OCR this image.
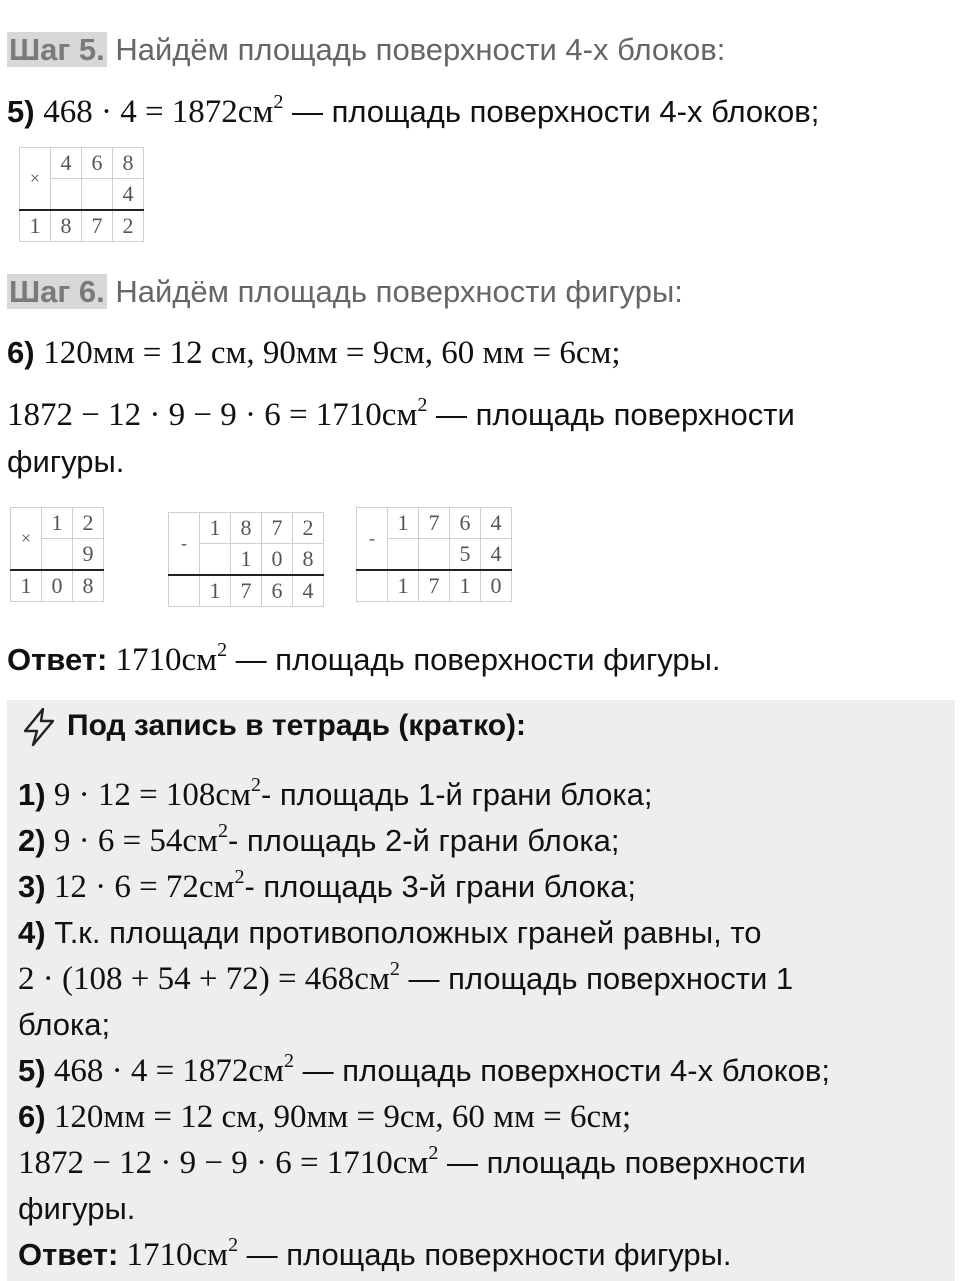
Шаг 5. Найдём площадь поверхности 4-х блоков:
5) $468 \cdot 4 = 1872см^2$ — площадь поверхности 4-х блоков;
×	4	6	8
			4
1	8	7	2
Шаг 6. Найдём площадь поверхности фигуры:
6) 120мм = 12 см, 90мм = 9см, 60 мм = 6см;
$1872 - 12 \cdot 9 - 9 \cdot 6 = 1710см^2$ — площадь поверхности
фигуры.
×	1	2
		9
1	0	8
-	1	8	7	2
		1	0	8
	1	7	6	4
-	1	7	6	4
			5	4
	1	7	1	0
Ответ: $1710см^2$ — площадь поверхности фигуры.
Под запись в тетрадь (кратко):
1) $9 \cdot 12 = 108см^2-$ площадь 1-й грани блока;
2) $9 \cdot 6 = 54см^2-$ площадь 2-й грани блока;
3) $12 \cdot 6 = 72см^2-$ площадь 3-й грани блока;
4) Т.к. площади противоположных граней равны, то
$2 \cdot (108 + 54 + 72) = 468см^2$ — площадь поверхности 1
блока;
5) $468 \cdot 4 = 1872см^2$ — площадь поверхности 4-х блоков;
6) 120мм = 12 см, 90мм = 9см, 60 мм = 6см;
$1872 - 12 \cdot 9 - 9 \cdot 6 = 1710см^2$ — площадь поверхности
фигуры.
Ответ: $1710см^2$ — площадь поверхности фигуры.
